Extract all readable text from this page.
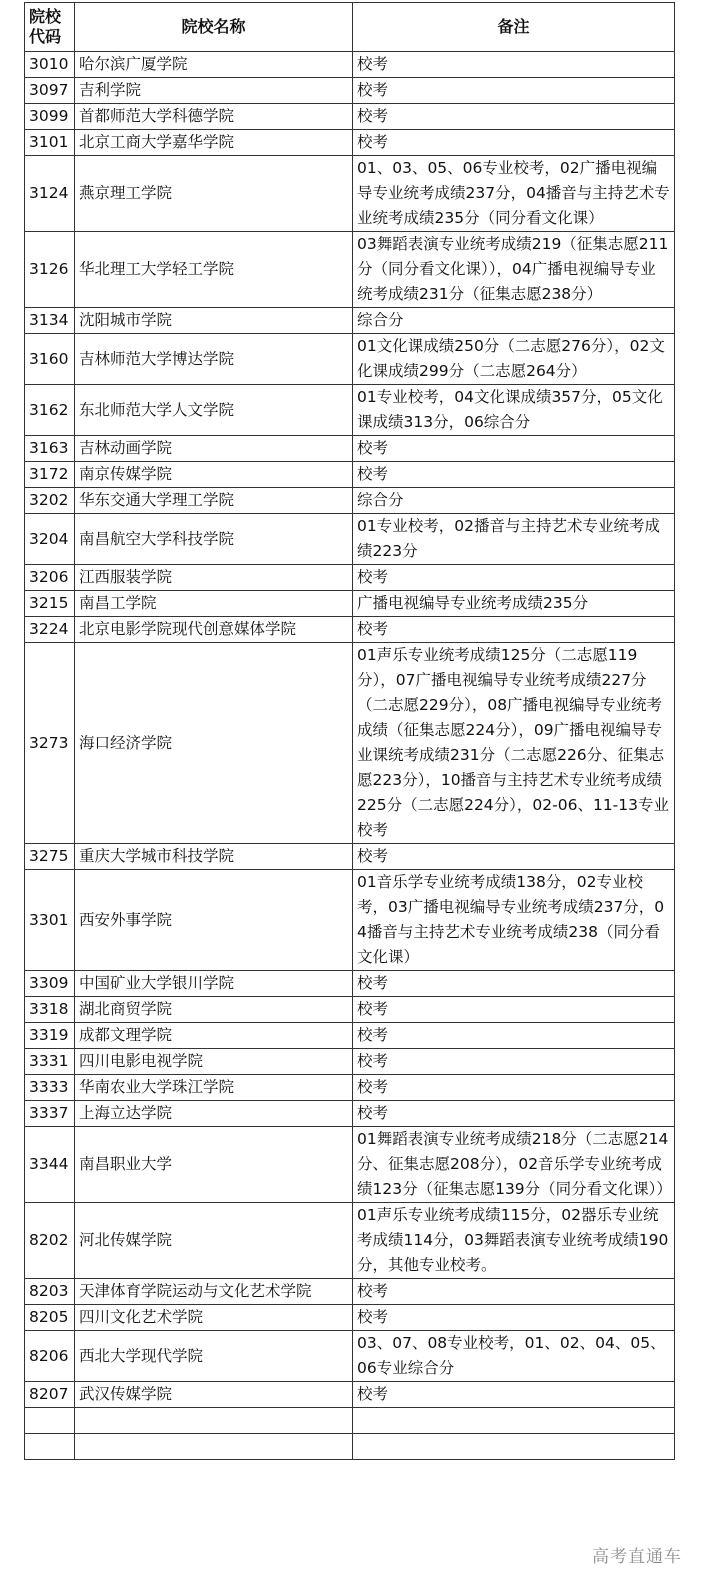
院校代码	院校名称	备注
3010	哈尔滨广厦学院	校考
3097	吉利学院	校考
3099	首都师范大学科德学院	校考
3101	北京工商大学嘉华学院	校考
3124	燕京理工学院	01、03、05、06专业校考，02广播电视编导专业统考成绩237分，04播音与主持艺术专业统考成绩235分（同分看文化课）
3126	华北理工大学轻工学院	03舞蹈表演专业统考成绩219（征集志愿211分（同分看文化课）），04广播电视编导专业统考成绩231分（征集志愿238分）
3134	沈阳城市学院	综合分
3160	吉林师范大学博达学院	01文化课成绩250分（二志愿276分），02文化课成绩299分（二志愿264分）
3162	东北师范大学人文学院	01专业校考，04文化课成绩357分，05文化课成绩313分，06综合分
3163	吉林动画学院	校考
3172	南京传媒学院	校考
3202	华东交通大学理工学院	综合分
3204	南昌航空大学科技学院	01专业校考，02播音与主持艺术专业统考成绩223分
3206	江西服装学院	校考
3215	南昌工学院	广播电视编导专业统考成绩235分
3224	北京电影学院现代创意媒体学院	校考
3273	海口经济学院	01声乐专业统考成绩125分（二志愿119分），07广播电视编导专业统考成绩227分（二志愿229分），08广播电视编导专业统考成绩（征集志愿224分），09广播电视编导专业课统考成绩231分（二志愿226分、征集志愿223分），10播音与主持艺术专业统考成绩225分（二志愿224分），02-06、11-13专业校考
3275	重庆大学城市科技学院	校考
3301	西安外事学院	01音乐学专业统考成绩138分，02专业校考，03广播电视编导专业统考成绩237分，04播音与主持艺术专业统考成绩238（同分看文化课）
3309	中国矿业大学银川学院	校考
3318	湖北商贸学院	校考
3319	成都文理学院	校考
3331	四川电影电视学院	校考
3333	华南农业大学珠江学院	校考
3337	上海立达学院	校考
3344	南昌职业大学	01舞蹈表演专业统考成绩218分（二志愿214分、征集志愿208分），02音乐学专业统考成绩123分（征集志愿139分（同分看文化课））
8202	河北传媒学院	01声乐专业统考成绩115分，02器乐专业统考成绩114分，03舞蹈表演专业统考成绩190分，其他专业校考。
8203	天津体育学院运动与文化艺术学院	校考
8205	四川文化艺术学院	校考
8206	西北大学现代学院	03、07、08专业校考，01、02、04、05、06专业综合分
8207	武汉传媒学院	校考

高考直通车
